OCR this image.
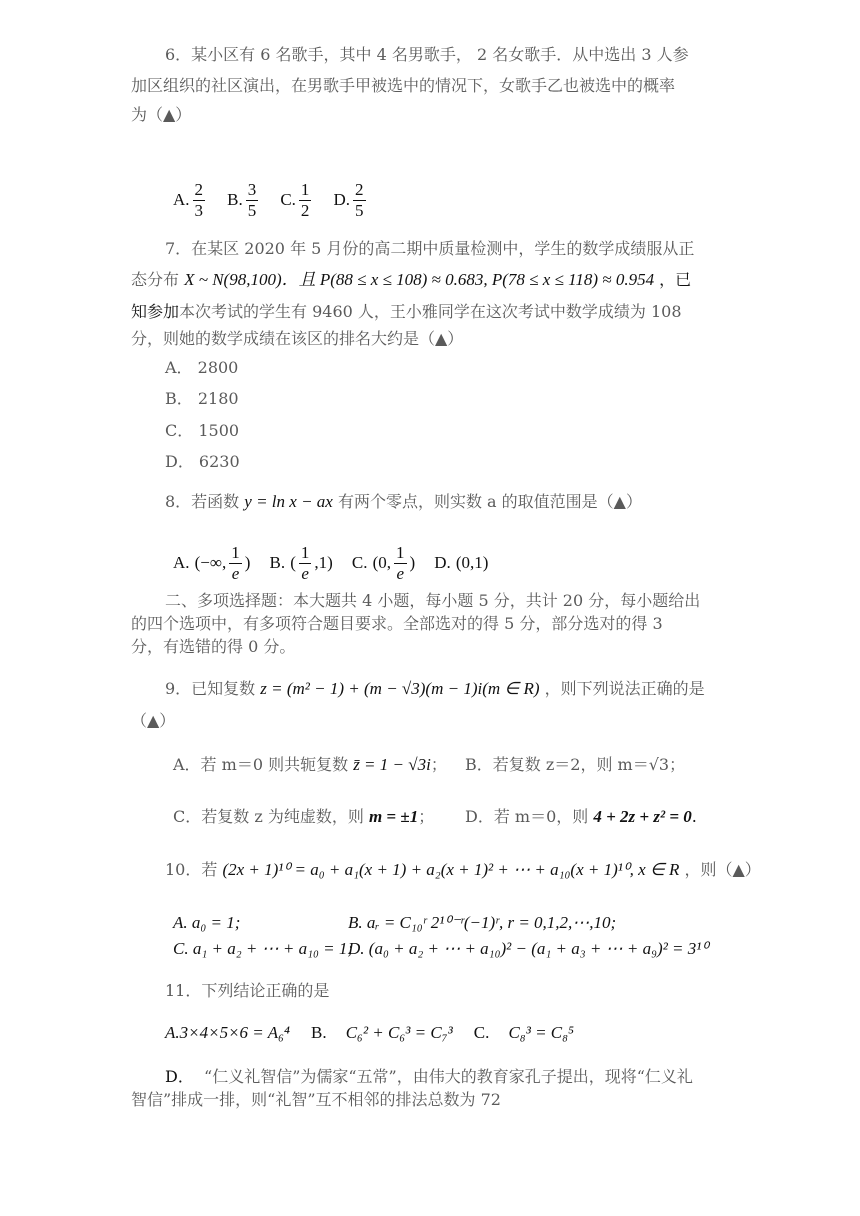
6．某小区有 6 名歌手，其中 4 名男歌手， 2 名女歌手．从中选出 3 人参
加区组织的社区演出，在男歌手甲被选中的情况下，女歌手乙也被选中的概率
为（▲）
A. $\frac{2}{3} B$. $\frac{3}{5} C$. $\frac{1}{2} D$. $\frac{2}{5}$
7．在某区 2020 年 5 月份的高二期中质量检测中，学生的数学成绩服从正
态分布 X ~ N(98,100)．且 P(88 ≤ x ≤ 108) ≈ 0.683, P(78 ≤ x ≤ 118) ≈ 0.954 ，已
知参加本次考试的学生有 9460 人，王小雅同学在这次考试中数学成绩为 108
分，则她的数学成绩在该区的排名大约是（▲）
A． 2800
B． 2180
C． 1500
D． 6230
8．若函数 y = ln x − ax 有两个零点，则实数 a 的取值范围是（▲）
A. (−∞, $\frac{1}{e}$ ) B. ( $\frac{1}{e} ,1$) C. (0, $\frac{1}{e}$ ) D. (0,1)
二、多项选择题：本大题共 4 小题，每小题 5 分，共计 20 分，每小题给出
的四个选项中，有多项符合题目要求。全部选对的得 5 分，部分选对的得 3
分，有选错的得 0 分。
9．已知复数 z = (m² − 1) + (m − √3)(m − 1)i(m ∈ R) ，则下列说法正确的是
（▲）
A．若 m＝0 则共轭复数 z̄ = 1 − √3i； B．若复数 z＝2，则 m＝√3；
C．若复数 z 为纯虚数，则 m = ±1； D．若 m＝0，则 4 + 2z + z² = 0.
10．若 (2x + 1)¹⁰ = a₀ + a₁(x + 1) + a₂(x + 1)² + ⋯ + a₁₀(x + 1)¹⁰, x ∈ R ，则（▲）
A. a₀ = 1;	B. aᵣ = C₁₀ʳ 2¹⁰⁻ʳ(−1)ʳ, r = 0,1,2,⋯,10;
C. a₁ + a₂ + ⋯ + a₁₀ = 1;
D. (a₀ + a₂ + ⋯ + a₁₀)² − (a₁ + a₃ + ⋯ + a₉)² = 3¹⁰
11．下列结论正确的是
A.3×4×5×6 = A₆⁴ B. C₆² + C₆³ = C₇³ C. C₈³ = C₈⁵
D． “仁义礼智信”为儒家“五常”，由伟大的教育家孔子提出，现将“仁义礼
智信”排成一排，则“礼智”互不相邻的排法总数为 72
